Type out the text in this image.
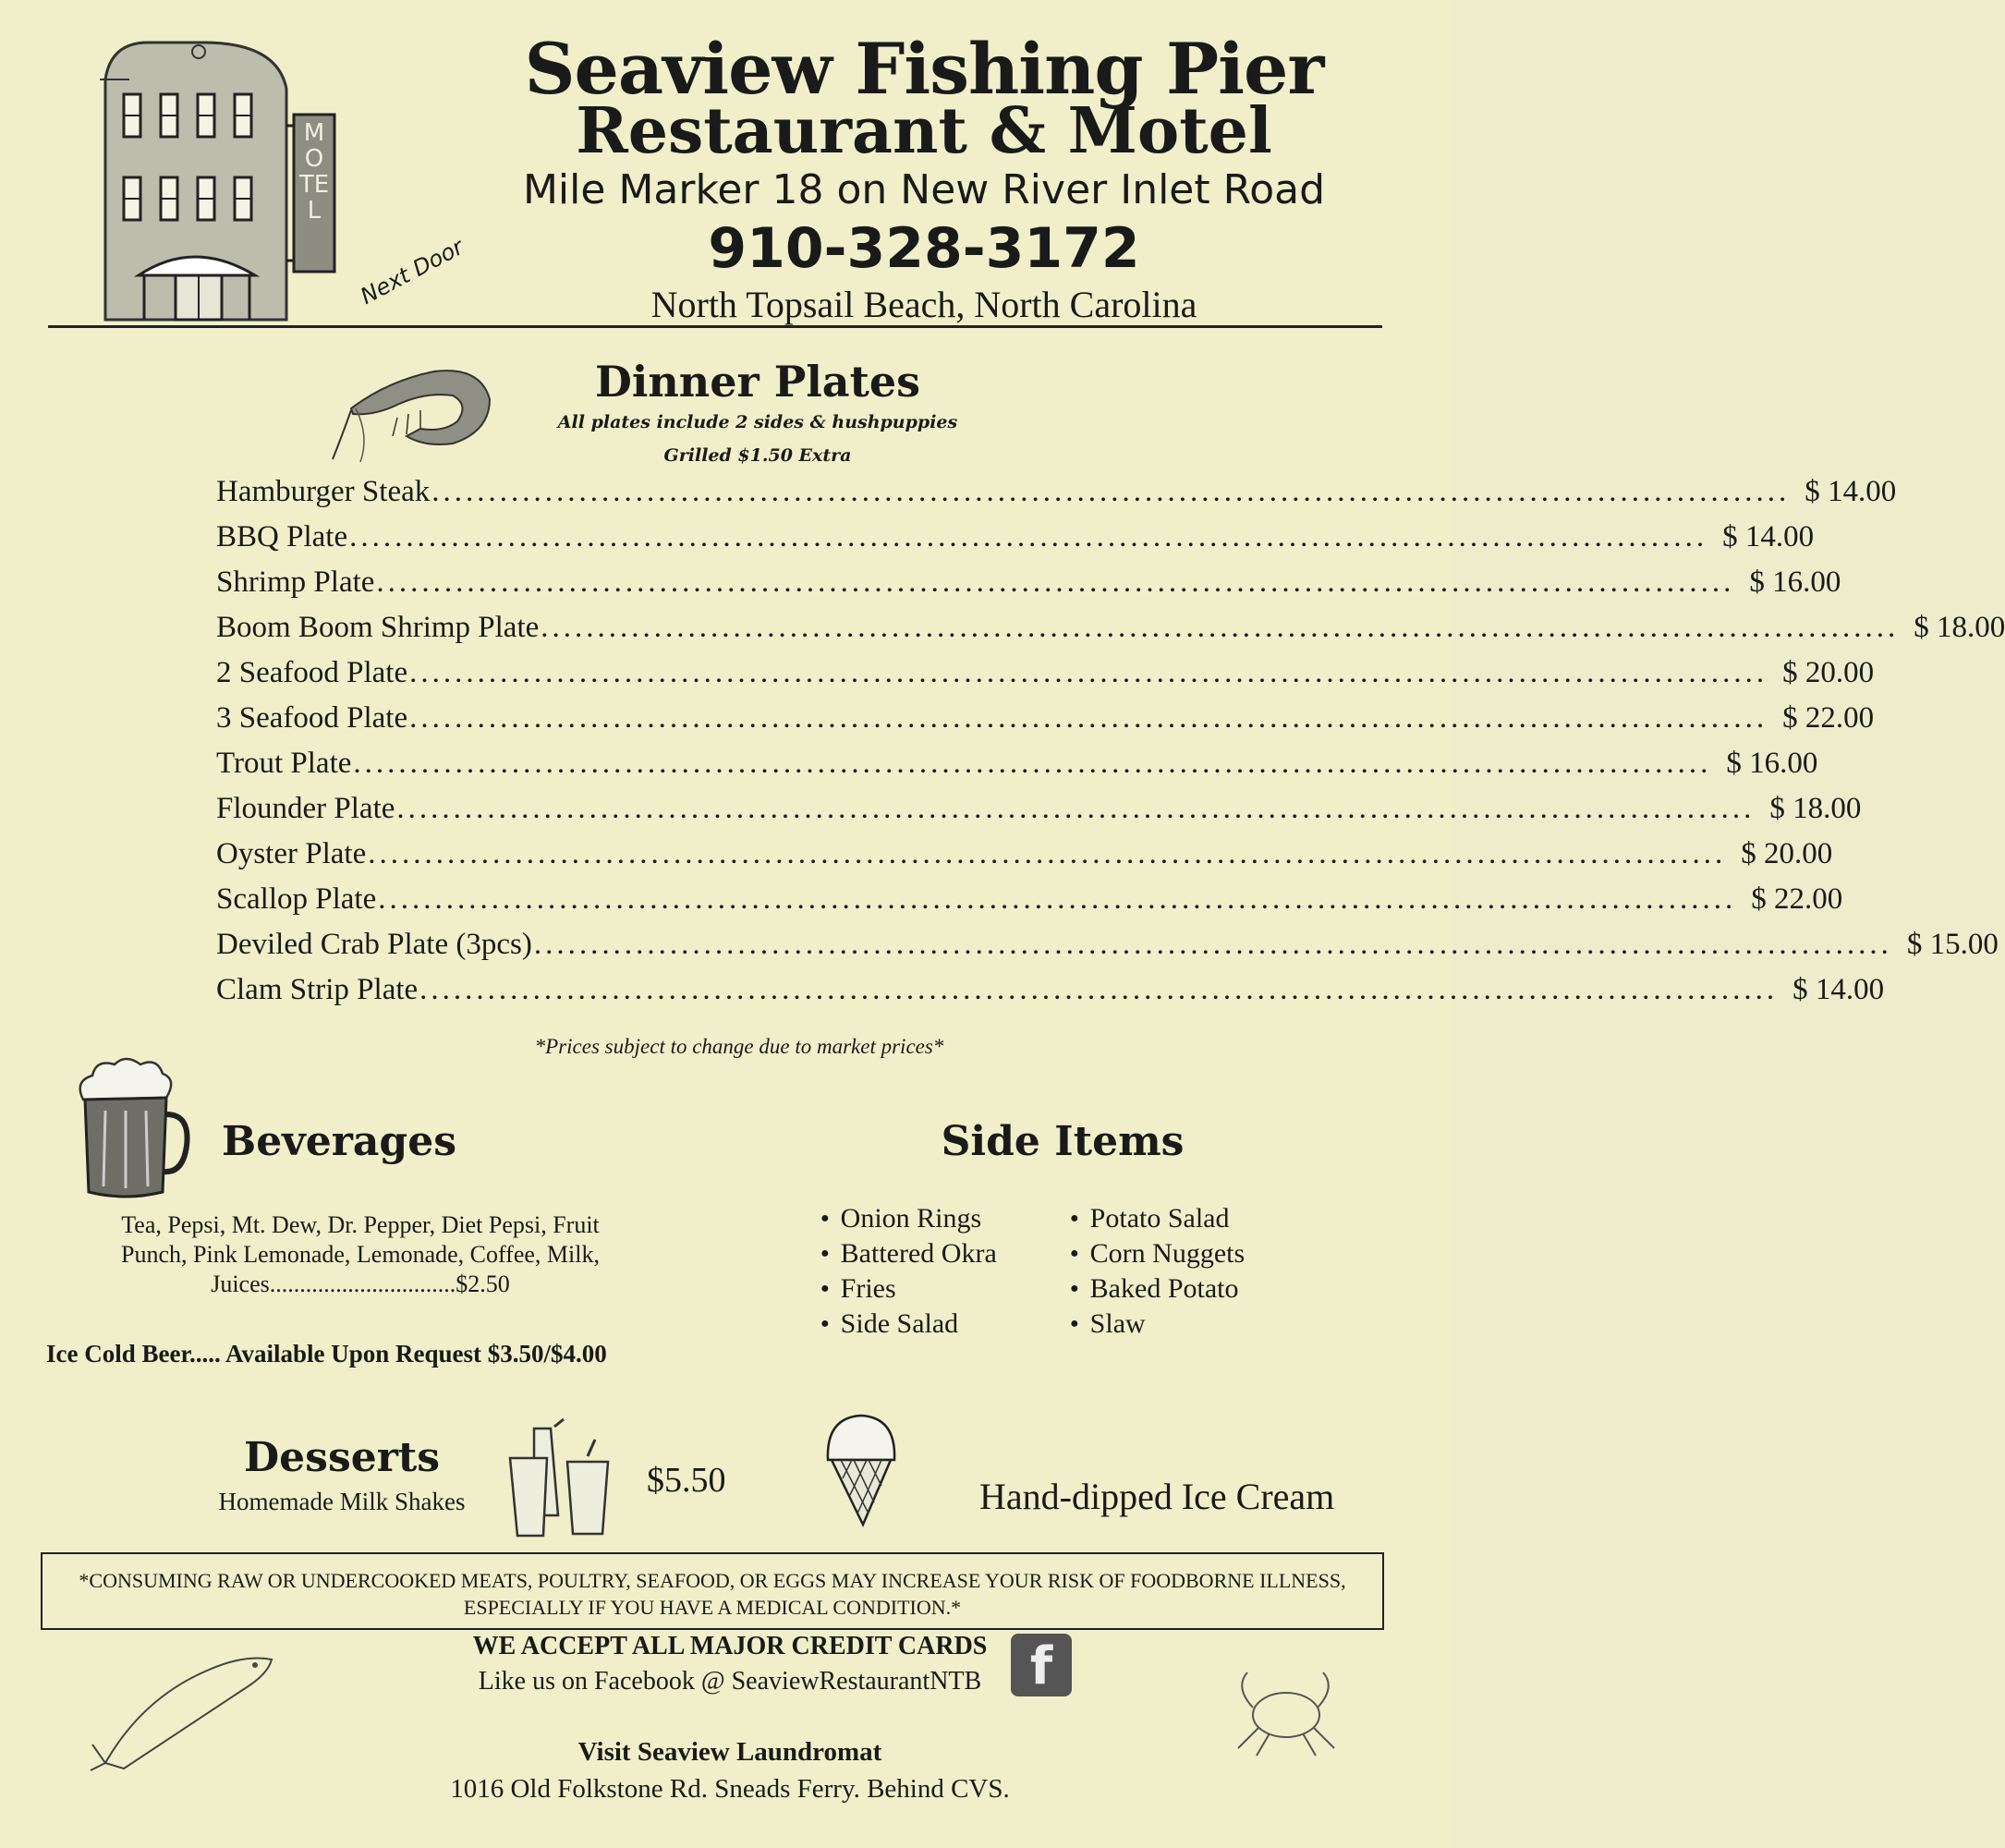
MOTEL
Next Door
Seaview Fishing Pier
Restaurant & Motel
Mile Marker 18 on New River Inlet Road
910-328-3172
North Topsail Beach, North Carolina
Dinner Plates
All plates include 2 sides & hushpuppies
Grilled $1.50 Extra
Hamburger Steak ........................................................................................................................ $ 14.00
BBQ Plate ........................................................................................................................ $ 14.00
Shrimp Plate ........................................................................................................................ $ 16.00
Boom Boom Shrimp Plate ........................................................................................................................ $ 18.00
2 Seafood Plate ........................................................................................................................ $ 20.00
3 Seafood Plate ........................................................................................................................ $ 22.00
Trout Plate ........................................................................................................................ $ 16.00
Flounder Plate ........................................................................................................................ $ 18.00
Oyster Plate ........................................................................................................................ $ 20.00
Scallop Plate ........................................................................................................................ $ 22.00
Deviled Crab Plate (3pcs) ........................................................................................................................ $ 15.00
Clam Strip Plate ........................................................................................................................ $ 14.00
*Prices subject to change due to market prices*
Beverages
Tea, Pepsi, Mt. Dew, Dr. Pepper, Diet Pepsi, Fruit
Punch, Pink Lemonade, Lemonade, Coffee, Milk,
Juices...............................$2.50
Ice Cold Beer..... Available Upon Request $3.50/$4.00
Side Items
● Onion Rings
● Battered Okra
● Fries
● Side Salad
● Potato Salad
● Corn Nuggets
● Baked Potato
● Slaw
Desserts
Homemade Milk Shakes
$5.50	Hand-dipped Ice Cream
*CONSUMING RAW OR UNDERCOOKED MEATS, POULTRY, SEAFOOD, OR EGGS MAY INCREASE YOUR RISK OF FOODBORNE ILLNESS,
ESPECIALLY IF YOU HAVE A MEDICAL CONDITION.*
WE ACCEPT ALL MAJOR CREDIT CARDS
Like us on Facebook @ SeaviewRestaurantNTB f
Visit Seaview Laundromat
1016 Old Folkstone Rd. Sneads Ferry. Behind CVS.
